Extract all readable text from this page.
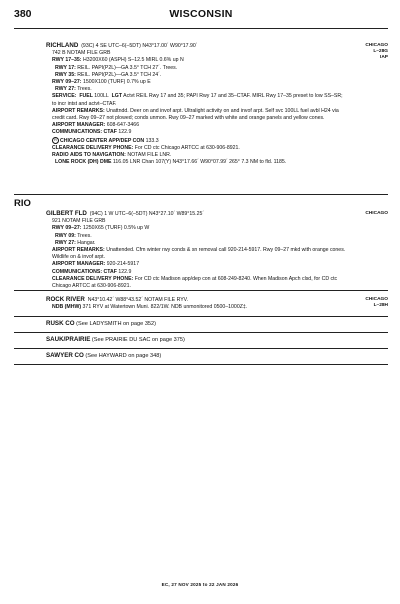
380	WISCONSIN
RICHLAND (93C) 4 SE UTC–6(–5DT) N43°17.00´ W90°17.90´
742 B NOTAM FILE GRB
RWY 17–35: H3200X60 (ASPH) S–12.5 MIRL 0.6% up N
RWY 17: REIL. PAPI(P2L)—GA 3.5° TCH 27´. Trees.
RWY 35: REIL. PAPI(P2L)—GA 3.5° TCH 24´.
RWY 09–27: 1500X100 (TURF) 0.7% up E
RWY 27: Trees.
SERVICE: FUEL 100LL LGT Actvt REIL Rwy 17 and 35; PAPI Rwy 17 and 35–CTAF. MIRL Rwy 17–35 preset to low SS–SR; to incr intst and actvt–CTAF.
AIRPORT REMARKS: Unattndd. Deer on and invof arpt. Ultralight activity on and invof arpt. Self svc 100LL fuel avbl H24 via credit card. Rwy 09–27 not plowed; conds unmon. Rwy 09–27 marked with white and orange panels and yellow cones.
AIRPORT MANAGER: 608-647-3466
COMMUNICATIONS: CTAF 122.9
R CHICAGO CENTER APP/DEP CON 133.3
CLEARANCE DELIVERY PHONE: For CD ctc Chicago ARTCC at 630-906-8921.
RADIO AIDS TO NAVIGATION: NOTAM FILE LNR.
LONE ROCK (DH) DME 116.05 LNR Chan 107(Y) N43°17.66´ W90°07.99´ 265° 7.3 NM to fld. 1185.
CHICAGO
L–28G
IAP
RIO
GILBERT FLD (94C) 1 W UTC–6(–5DT) N43°27.10´ W89°15.25´
921 NOTAM FILE GRB
RWY 09–27: 1250X65 (TURF) 0.5% up W
RWY 09: Trees.
RWY 27: Hangar.
AIRPORT REMARKS: Unattended. Cfm winter rwy conds & sn removal call 920-214-5917. Rwy 09–27 mkd with orange cones. Wildlife on & invof arpt.
AIRPORT MANAGER: 920-214-5917
COMMUNICATIONS: CTAF 122.9
CLEARANCE DELIVERY PHONE: For CD ctc Madison app/dep con at 608-249-8240. When Madison Apch clsd, for CD ctc Chicago ARTCC at 630-906-8921.
CHICAGO
ROCK RIVER N43°10.42´ W88°43.52´ NOTAM FILE RYV.
NDB (MHW) 371 RYV at Watertown Muni. 822/1W. NDB unmonitored 0500–1000Z‡.
CHICAGO
L–28H
RUSK CO (See LADYSMITH on page 352)
SAUK/PRAIRIE (See PRAIRIE DU SAC on page 375)
SAWYER CO (See HAYWARD on page 348)
EC, 27 NOV 2025 to 22 JAN 2026
